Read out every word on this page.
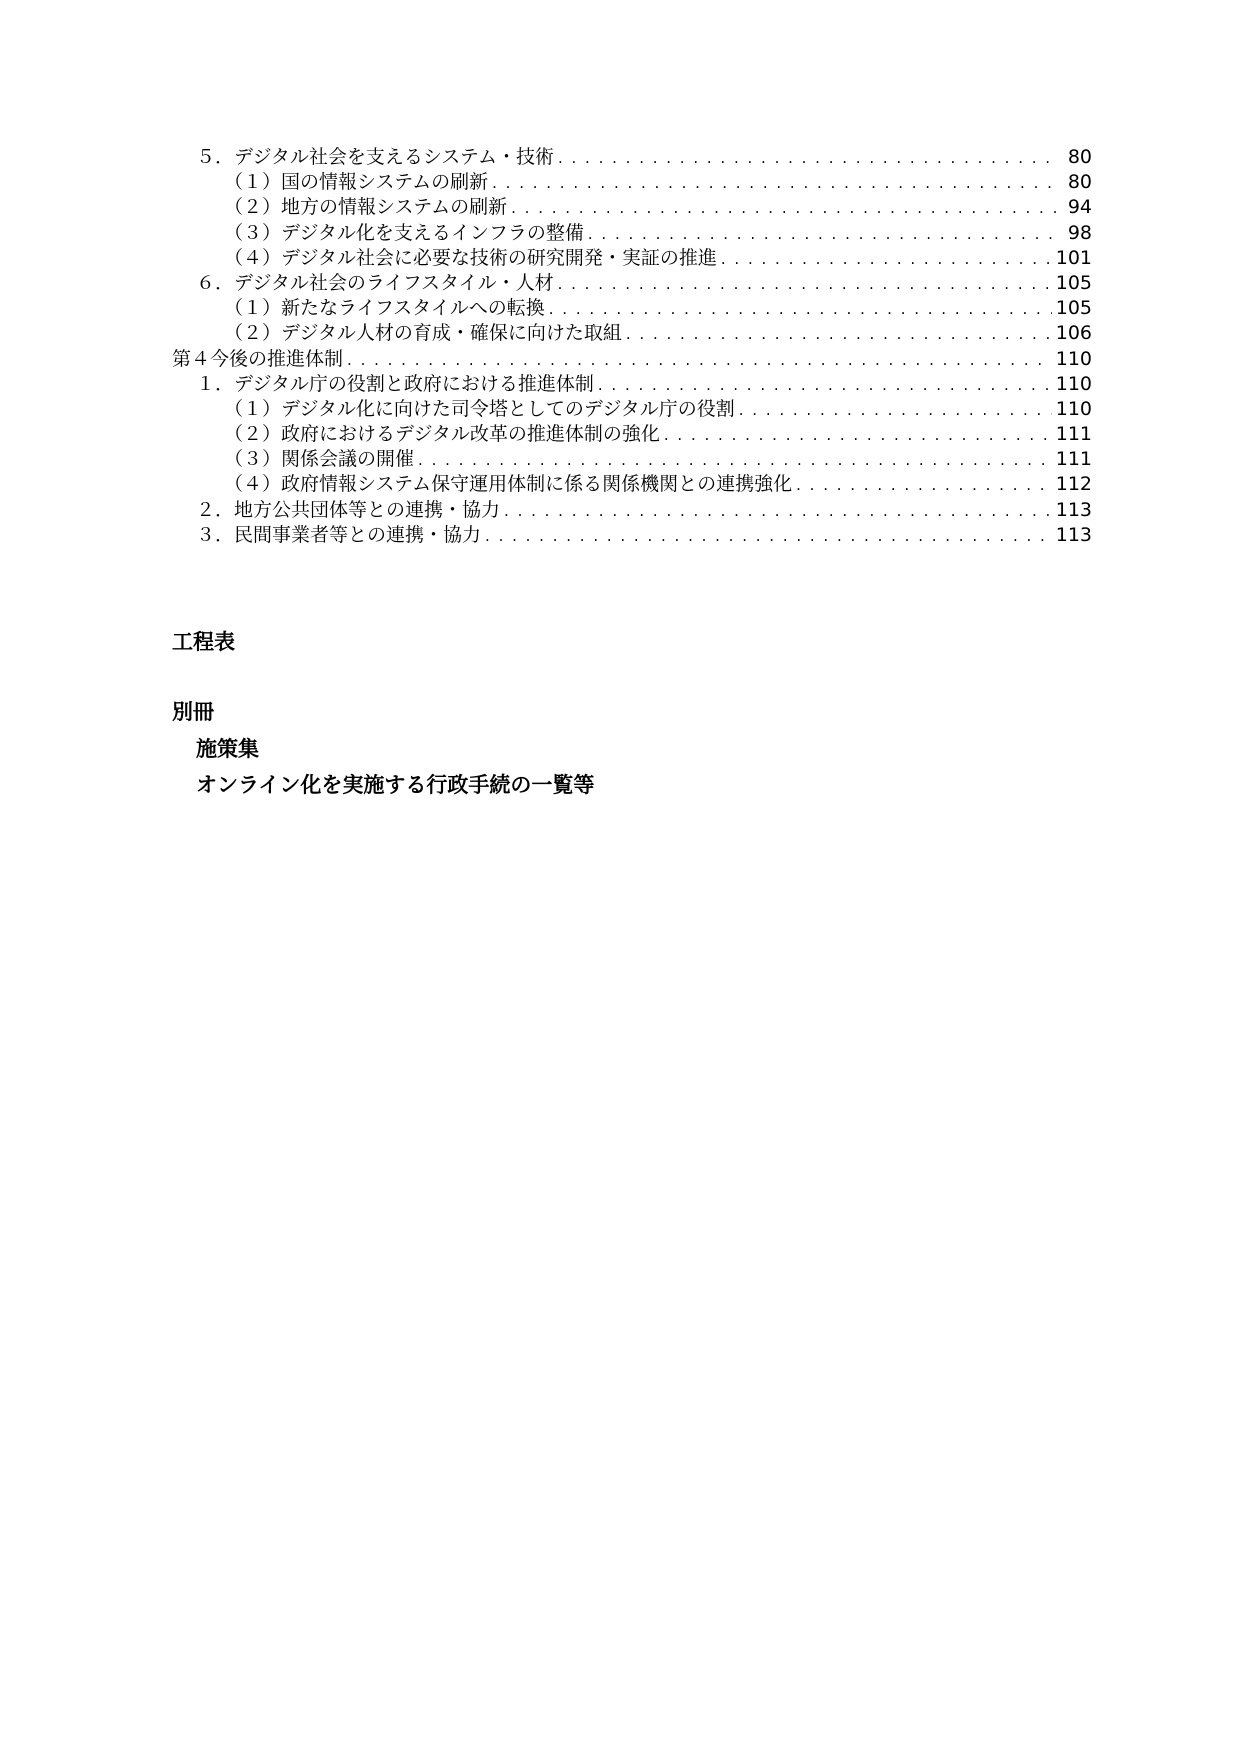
５． デジタル社会を支えるシステム・技術 . . .	80
（１） 国の情報システムの刷新 . . .	80
（２） 地方の情報システムの刷新 . . .	94
（３） デジタル化を支えるインフラの整備 . . .	98
（４） デジタル社会に必要な技術の研究開発・実証の推進 . . .	101
６． デジタル社会のライフスタイル・人材 . . .	105
（１） 新たなライフスタイルへの転換 . . .	105
（２） デジタル人材の育成・確保に向けた取組 . . .	106
第４ 今後の推進体制 . . .	110
１． デジタル庁の役割と政府における推進体制 . . .	110
（１） デジタル化に向けた司令塔としてのデジタル庁の役割 . . .	110
（２） 政府におけるデジタル改革の推進体制の強化 . . .	111
（３） 関係会議の開催 . . .	111
（４） 政府情報システム保守運用体制に係る関係機関との連携強化 . . .	112
２． 地方公共団体等との連携・協力 . . .	113
３． 民間事業者等との連携・協力 . . .	113
工程表
別冊
施策集
オンライン化を実施する行政手続の一覧等
